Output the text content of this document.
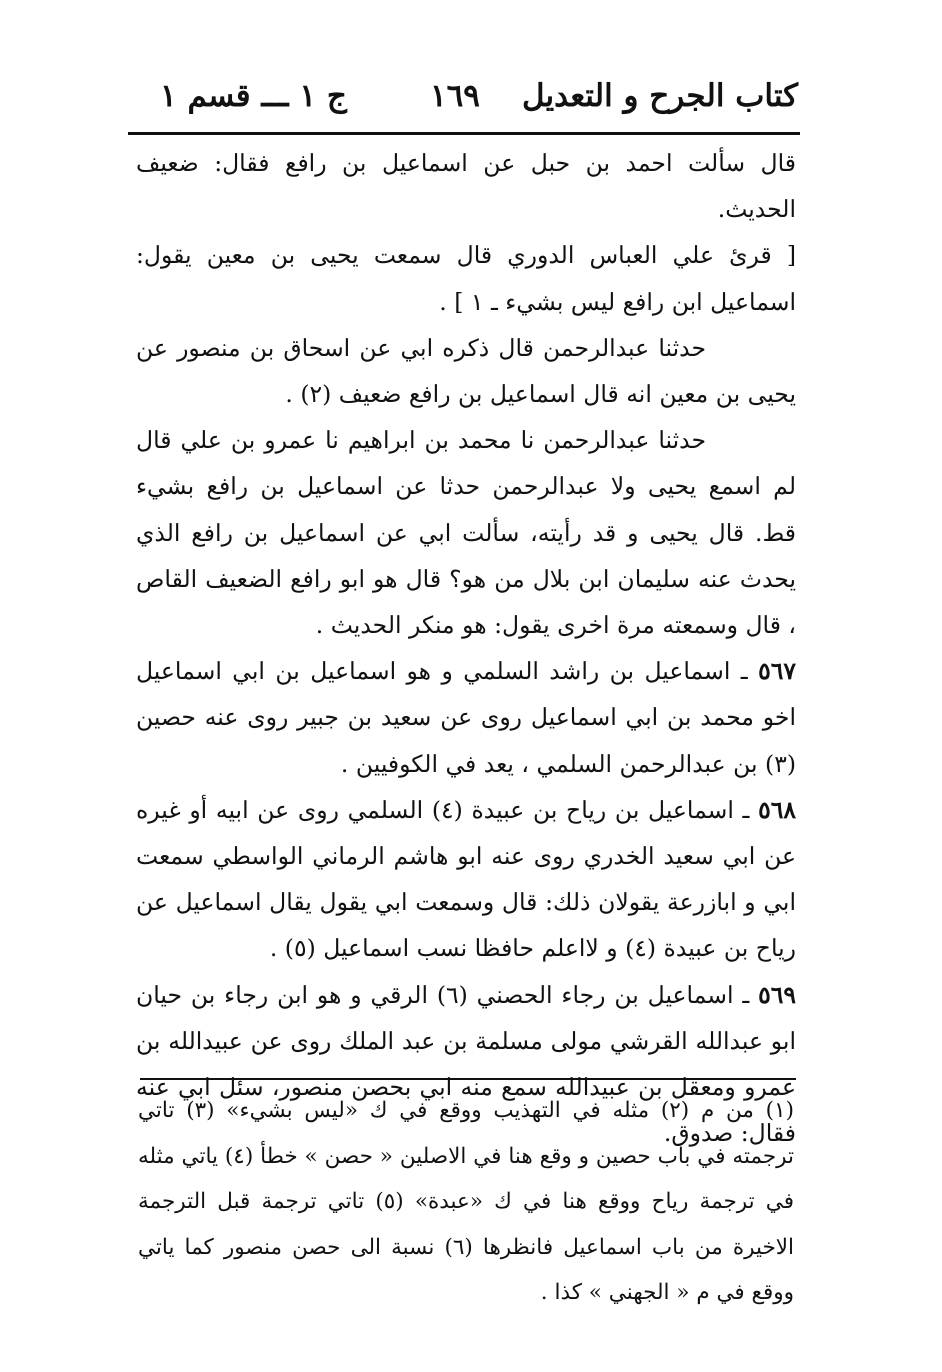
كتاب الجرح و التعديل
١٦٩
ج ١ ـــ قسم ١

قال سألت احمد بن حبل عن اسماعيل بن رافع فقال: ضعيف الحديث.

[ قرئ علي العباس الدوري قال سمعت يحيى بن معين يقول: اسماعيل ابن رافع ليس بشيء ـ ١ ] .

حدثنا عبدالرحمن قال ذكره ابي عن اسحاق بن منصور عن يحيى بن معين انه قال اسماعيل بن رافع ضعيف (٢) .

حدثنا عبدالرحمن نا محمد بن ابراهيم نا عمرو بن علي قال لم اسمع يحيى ولا عبدالرحمن حدثا عن اسماعيل بن رافع بشيء قط. قال يحيى و قد رأيته، سألت ابي عن اسماعيل بن رافع الذي يحدث عنه سليمان ابن بلال من هو؟ قال هو ابو رافع الضعيف القاص ، قال وسمعته مرة اخرى يقول: هو منكر الحديث .

٥٦٧ ـ اسماعيل بن راشد السلمي و هو اسماعيل بن ابي اسماعيل اخو محمد بن ابي اسماعيل روى عن سعيد بن جبير روى عنه حصين (٣) بن عبدالرحمن السلمي ، يعد في الكوفيين .

٥٦٨ ـ اسماعيل بن رياح بن عبيدة (٤) السلمي روى عن ابيه أو غيره عن ابي سعيد الخدري روى عنه ابو هاشم الرماني الواسطي سمعت ابي و ابازرعة يقولان ذلك: قال وسمعت ابي يقول يقال اسماعيل عن رياح بن عبيدة (٤) و لااعلم حافظا نسب اسماعيل (٥) .

٥٦٩ ـ اسماعيل بن رجاء الحصني (٦) الرقي و هو ابن رجاء بن حيان ابو عبدالله القرشي مولى مسلمة بن عبد الملك روى عن عبيدالله بن عمرو ومعقل بن عبيدالله سمع منه ابي بحصن منصور، سئل ابي عنه فقال: صدوق.

(١) من م (٢) مثله في التهذيب ووقع في ك «ليس بشيء» (٣) تاتي ترجمته في باب حصين و وقع هنا في الاصلين « حصن » خطأ (٤) ياتي مثله في ترجمة رياح ووقع هنا في ك «عبدة» (٥) تاتي ترجمة قبل الترجمة الاخيرة من باب اسماعيل فانظرها (٦) نسبة الى حصن منصور كما ياتي ووقع في م « الجهني » كذا .
